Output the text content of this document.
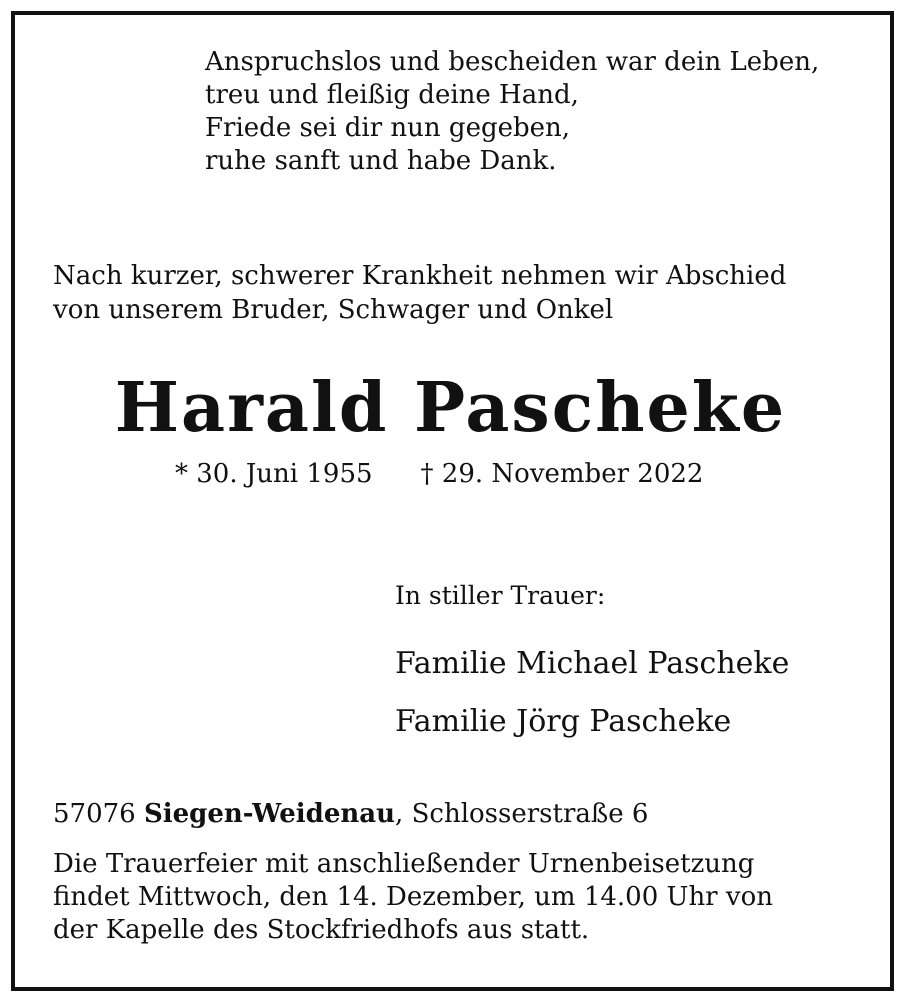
Anspruchslos und bescheiden war dein Leben,
treu und fleißig deine Hand,
Friede sei dir nun gegeben,
ruhe sanft und habe Dank.
Nach kurzer, schwerer Krankheit nehmen wir Abschied
von unserem Bruder, Schwager und Onkel
Harald Pascheke
* 30. Juni 1955 † 29. November 2022
In stiller Trauer:
Familie Michael Pascheke
Familie Jörg Pascheke
57076 Siegen-Weidenau, Schlosserstraße 6
Die Trauerfeier mit anschließender Urnenbeisetzung
findet Mittwoch, den 14. Dezember, um 14.00 Uhr von
der Kapelle des Stockfriedhofs aus statt.
